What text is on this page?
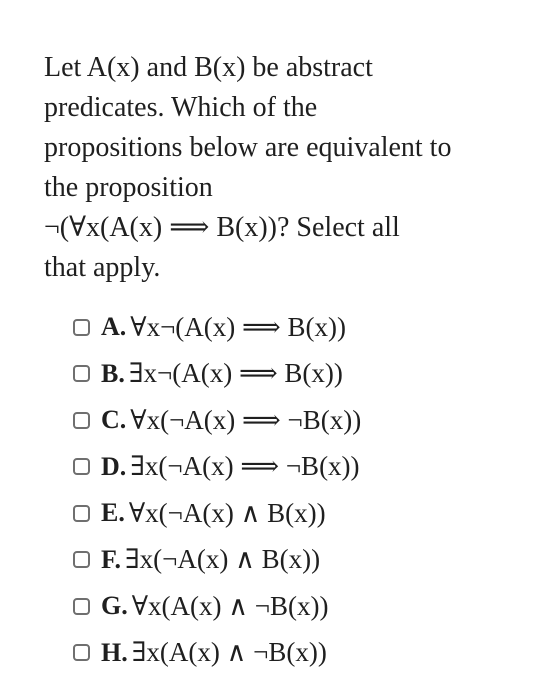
Let A(x) and B(x) be abstract
predicates. Which of the
propositions below are equivalent to
the proposition
¬(∀x(A(x) ⟹ B(x))? Select all
that apply.
A. ∀x¬(A(x) ⟹ B(x))
B. ∃x¬(A(x) ⟹ B(x))
C. ∀x(¬A(x) ⟹ ¬B(x))
D. ∃x(¬A(x) ⟹ ¬B(x))
E. ∀x(¬A(x) ∧ B(x))
F. ∃x(¬A(x) ∧ B(x))
G. ∀x(A(x) ∧ ¬B(x))
H. ∃x(A(x) ∧ ¬B(x))
